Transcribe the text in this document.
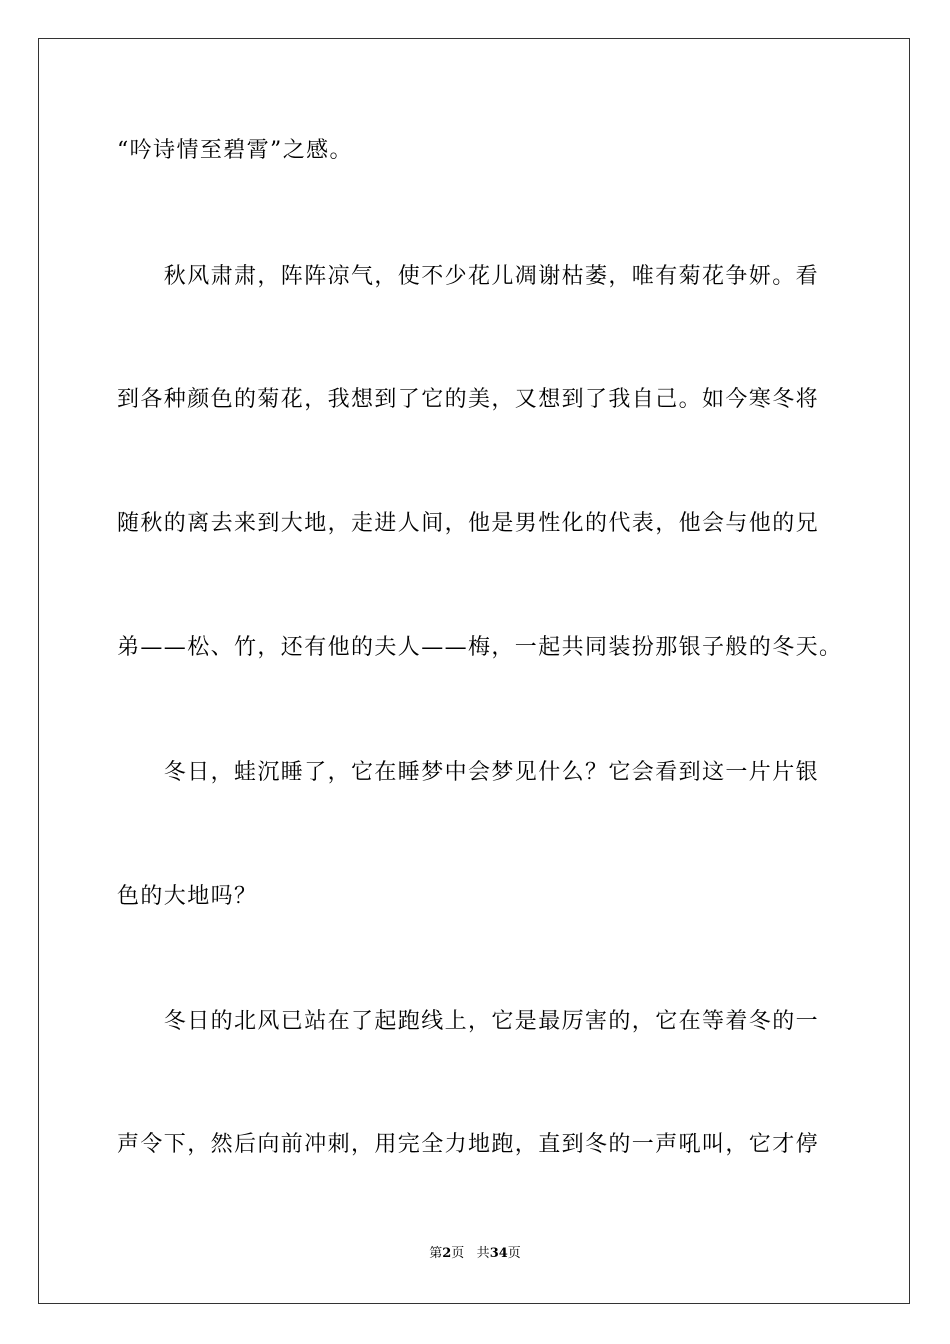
“吟诗情至碧霄”之感。
　　秋风肃肃，阵阵凉气，使不少花儿凋谢枯萎，唯有菊花争妍。看
到各种颜色的菊花，我想到了它的美，又想到了我自己。如今寒冬将
随秋的离去来到大地，走进人间，他是男性化的代表，他会与他的兄
弟——松、竹，还有他的夫人——梅，一起共同装扮那银子般的冬天。
　　冬日，蛙沉睡了，它在睡梦中会梦见什么？它会看到这一片片银
色的大地吗？
　　冬日的北风已站在了起跑线上，它是最厉害的，它在等着冬的一
声令下，然后向前冲刺，用完全力地跑，直到冬的一声吼叫，它才停
第2页 共34页
